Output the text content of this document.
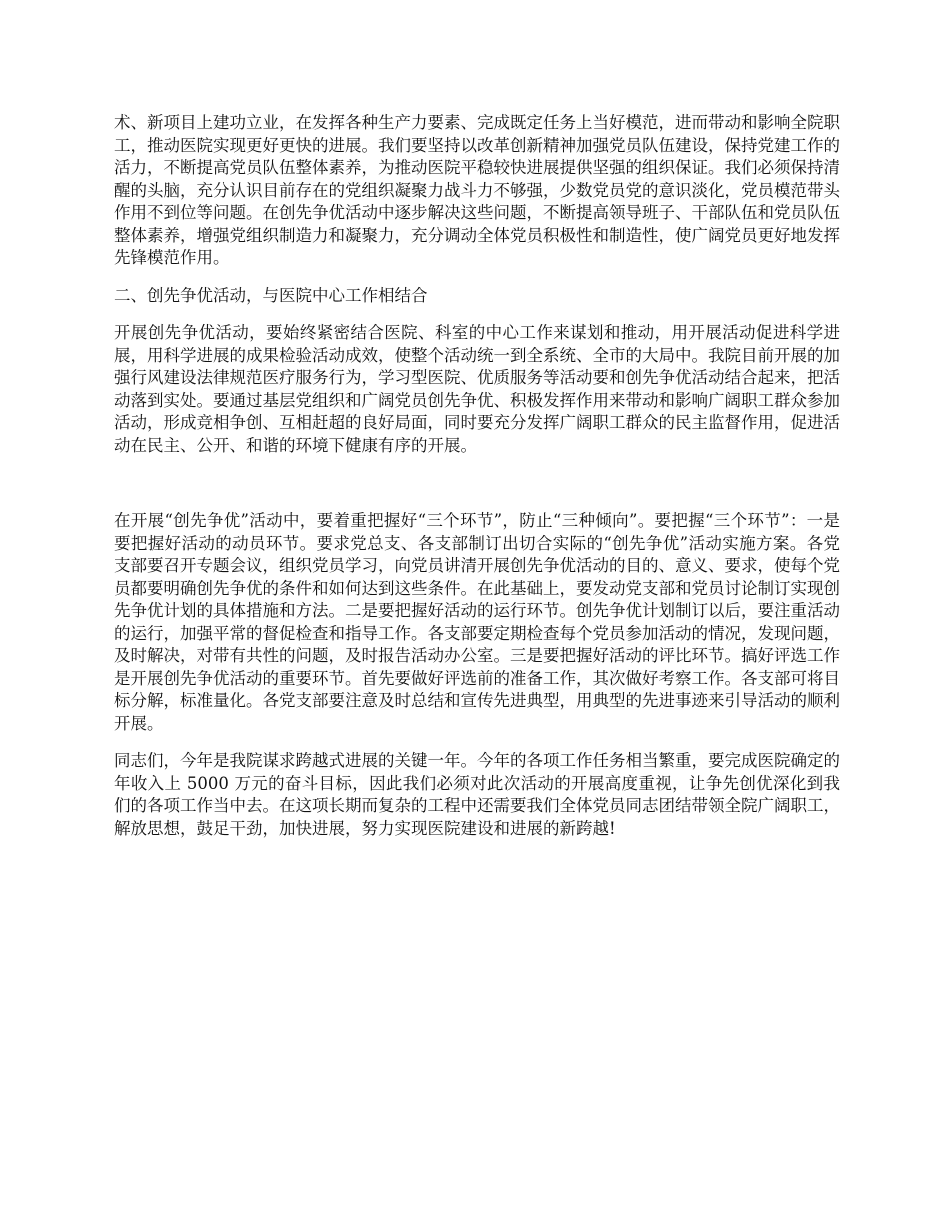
术、新项目上建功立业，在发挥各种生产力要素、完成既定任务上当好模范，进而带动和影响全院职工，推动医院实现更好更快的进展。我们要坚持以改革创新精神加强党员队伍建设，保持党建工作的活力，不断提高党员队伍整体素养，为推动医院平稳较快进展提供坚强的组织保证。我们必须保持清醒的头脑，充分认识目前存在的党组织凝聚力战斗力不够强，少数党员党的意识淡化，党员模范带头作用不到位等问题。在创先争优活动中逐步解决这些问题，不断提高领导班子、干部队伍和党员队伍整体素养，增强党组织制造力和凝聚力，充分调动全体党员积极性和制造性，使广阔党员更好地发挥先锋模范作用。

二、创先争优活动，与医院中心工作相结合

开展创先争优活动，要始终紧密结合医院、科室的中心工作来谋划和推动，用开展活动促进科学进展，用科学进展的成果检验活动成效，使整个活动统一到全系统、全市的大局中。我院目前开展的加强行风建设法律规范医疗服务行为，学习型医院、优质服务等活动要和创先争优活动结合起来，把活动落到实处。要通过基层党组织和广阔党员创先争优、积极发挥作用来带动和影响广阔职工群众参加活动，形成竞相争创、互相赶超的良好局面，同时要充分发挥广阔职工群众的民主监督作用，促进活动在民主、公开、和谐的环境下健康有序的开展。

在开展“创先争优”活动中，要着重把握好“三个环节”，防止“三种倾向”。要把握“三个环节”：一是要把握好活动的动员环节。要求党总支、各支部制订出切合实际的“创先争优”活动实施方案。各党支部要召开专题会议，组织党员学习，向党员讲清开展创先争优活动的目的、意义、要求，使每个党员都要明确创先争优的条件和如何达到这些条件。在此基础上，要发动党支部和党员讨论制订实现创先争优计划的具体措施和方法。二是要把握好活动的运行环节。创先争优计划制订以后，要注重活动的运行，加强平常的督促检查和指导工作。各支部要定期检查每个党员参加活动的情况，发现问题，及时解决，对带有共性的问题，及时报告活动办公室。三是要把握好活动的评比环节。搞好评选工作是开展创先争优活动的重要环节。首先要做好评选前的准备工作，其次做好考察工作。各支部可将目标分解，标准量化。各党支部要注意及时总结和宣传先进典型，用典型的先进事迹来引导活动的顺利开展。

同志们，今年是我院谋求跨越式进展的关键一年。今年的各项工作任务相当繁重，要完成医院确定的年收入上 5000 万元的奋斗目标，因此我们必须对此次活动的开展高度重视，让争先创优深化到我们的各项工作当中去。在这项长期而复杂的工程中还需要我们全体党员同志团结带领全院广阔职工，解放思想，鼓足干劲，加快进展，努力实现医院建设和进展的新跨越!
